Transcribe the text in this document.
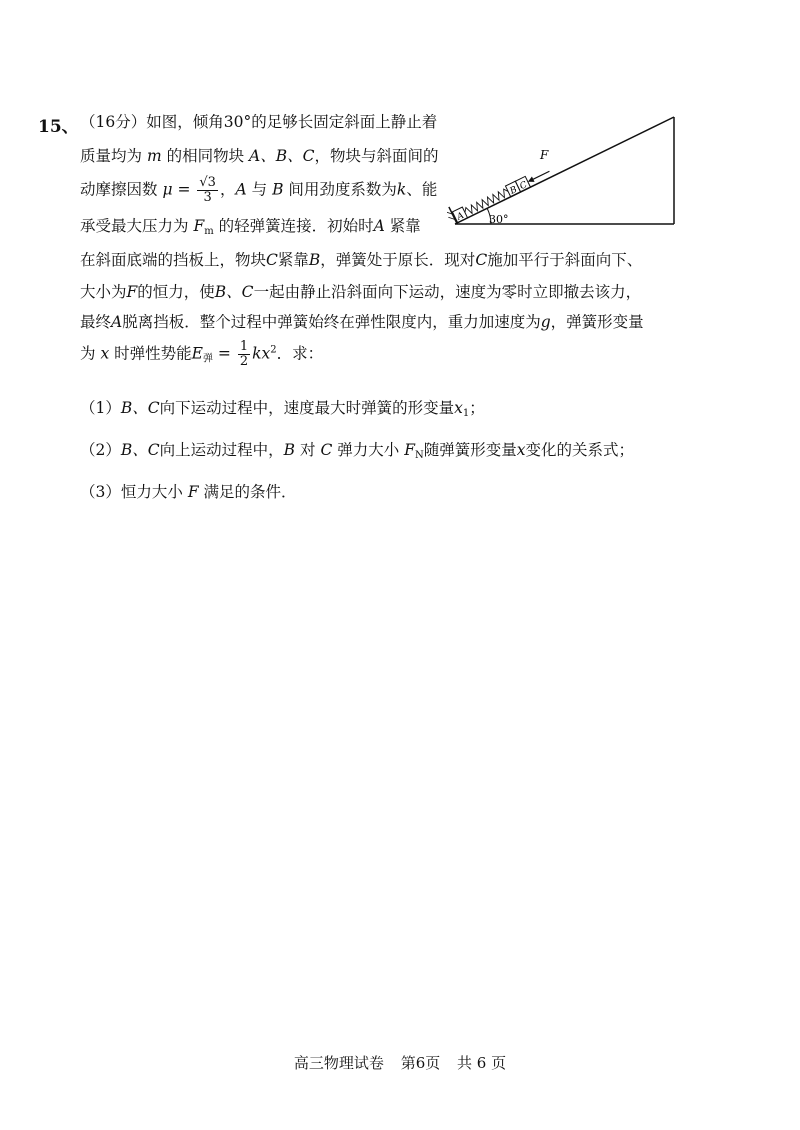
15、 （16分）如图，倾角30°的足够长固定斜面上静止着
质量均为 m 的相同物块 A、B、C，物块与斜面间的
动摩擦因数 $\mu = \frac{√3}{3}$ ，A 与 B 间用劲度系数为k、能
承受最大压力为 $F_m$ 的轻弹簧连接．初始时A 紧靠
在斜面底端的挡板上，物块C紧靠B，弹簧处于原长．现对C施加平行于斜面向下、
大小为F的恒力，使B、C一起由静止沿斜面向下运动，速度为零时立即撤去该力，
最终A脱离挡板．整个过程中弹簧始终在弹性限度内，重力加速度为g，弹簧形变量
为 x 时弹性势能$E_弹 = \frac{1}{2} kx^2$．求：
（1）B、C向下运动过程中，速度最大时弹簧的形变量$x_1$；
（2）B、C向上运动过程中，B 对 C 弹力大小 $F_N$随弹簧形变量x变化的关系式；
（3）恒力大小 F 满足的条件．
30°
A
B C
F
高三物理试卷 第6页 共 6 页
